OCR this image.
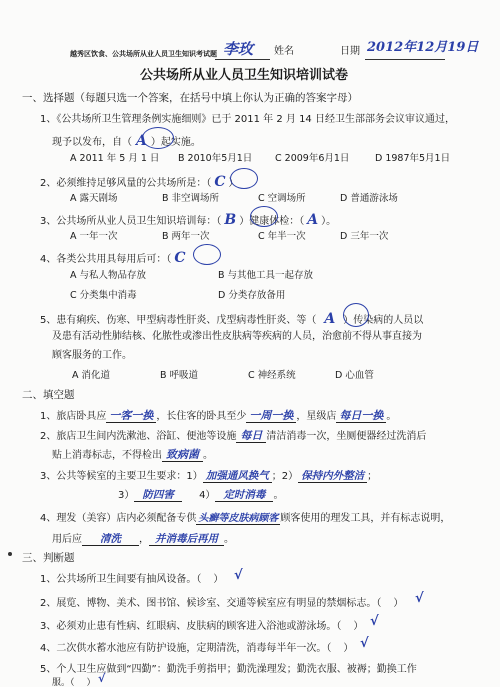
越秀区饮食、公共场所从业人员卫生知识考试题 李玫 姓名	日期 2012年12月19日
公共场所从业人员卫生知识培训试卷
一、选择题（每题只选一个答案，在括号中填上你认为正确的答案字母）
1、《公共场所卫生管理条例实施细则》已于 2011 年 2 月 14 日经卫生部部务会议审议通过，
现予以发布，自（ A ）起实施。
A 2011 年 5 月 1 日 B 2010年5月1日 C 2009年6月1日	D 1987年5月1日
2、必须维持足够风量的公共场所是：（ C ）
A 露天剧场	B 非空调场所	C 空调场所	D 普通游泳场
3、公共场所从业人员卫生知识培训每：（ B ）健康体检：（ A ）。
A 一年一次	B 两年一次	C 年半一次	D 三年一次
4、各类公共用具每用后可：（ C
A 与私人物品存放	B 与其他工具一起存放
C 分类集中消毒	D 分类存放备用
5、患有痢疾、伤寒、甲型病毒性肝炎、戊型病毒性肝炎、等（ A ）传染病的人员以
及患有活动性肺结核、化脓性或渗出性皮肤病等疾病的人员，治愈前不得从事直接为
顾客服务的工作。
A 消化道	B 呼吸道	C 神经系统	D 心血管
二、填空题
1、旅店卧具应 一客一换 ，长住客的卧具至少 一周一换 ，星级店 每日一换 。
2、旅店卫生间内洗漱池、浴缸、便池等设施 每日 清洁消毒一次，坐厕便器经过洗消后
贴上消毒标志，不得检出 致病菌 。
3、公共等候室的主要卫生要求：1） 加强通风换气 ；2） 保持内外整洁 ；
3） 防四害	4） 定时消毒 。
4、理发（美容）店内必须配备专供 头癣等皮肤病顾客 顾客使用的理发工具，并有标志说明，
用后应 清洗 ， 并消毒后再用 。
三、判断题
1、公共场所卫生间要有抽风设备。（ ） √
2、展览、博物、美术、图书馆、候诊室、交通等候室应有明显的禁烟标志。（ ） √
3、必须劝止患有性病、红眼病、皮肤病的顾客进入浴池或游泳场。（ ） √
4、二次供水蓄水池应有防护设施，定期清洗，消毒每半年一次。（ ） √
5、个人卫生应做到“四勤”：勤洗手剪指甲；勤洗澡理发；勤洗衣服、被褥；勤换工作
服。（ ） √
